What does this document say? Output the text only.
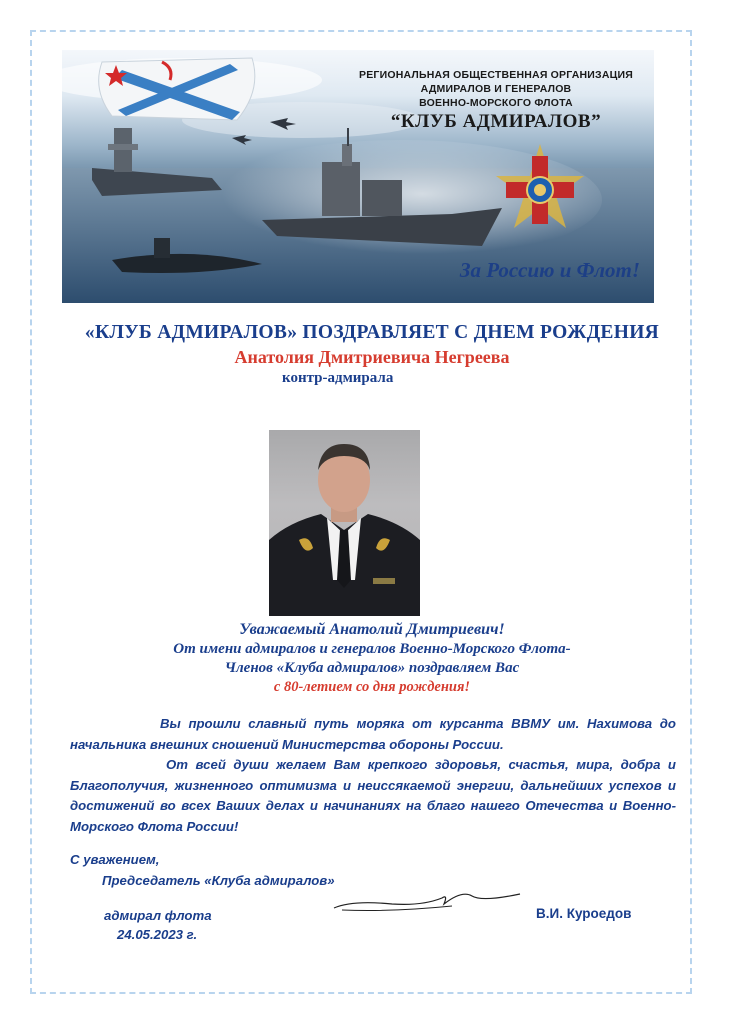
РЕГИОНАЛЬНАЯ ОБЩЕСТВЕННАЯ ОРГАНИЗАЦИЯ
АДМИРАЛОВ И ГЕНЕРАЛОВ
ВОЕННО-МОРСКОГО ФЛОТА
“КЛУБ АДМИРАЛОВ”
За Россию и Флот!
«КЛУБ АДМИРАЛОВ» ПОЗДРАВЛЯЕТ С ДНЕМ РОЖДЕНИЯ
Анатолия Дмитриевича Негреева
контр-адмирала
Уважаемый Анатолий Дмитриевич!
От имени адмиралов и генералов Военно-Морского Флота-
Членов «Клуба адмиралов» поздравляем Вас
с 80-летием со дня рождения!
Вы прошли славный путь моряка от курсанта ВВМУ им. Нахимова до начальника внешних сношений Министерства обороны России.
От всей души желаем Вам крепкого здоровья, счастья, мира, добра и Благополучия, жизненного оптимизма и неиссякаемой энергии, дальнейших успехов и достижений во всех Ваших делах и начинаниях на благо нашего Отечества и Военно-Морского Флота России!
С уважением,
Председатель «Клуба адмиралов»
адмирал флота
24.05.2023 г.
В.И. Куроедов
